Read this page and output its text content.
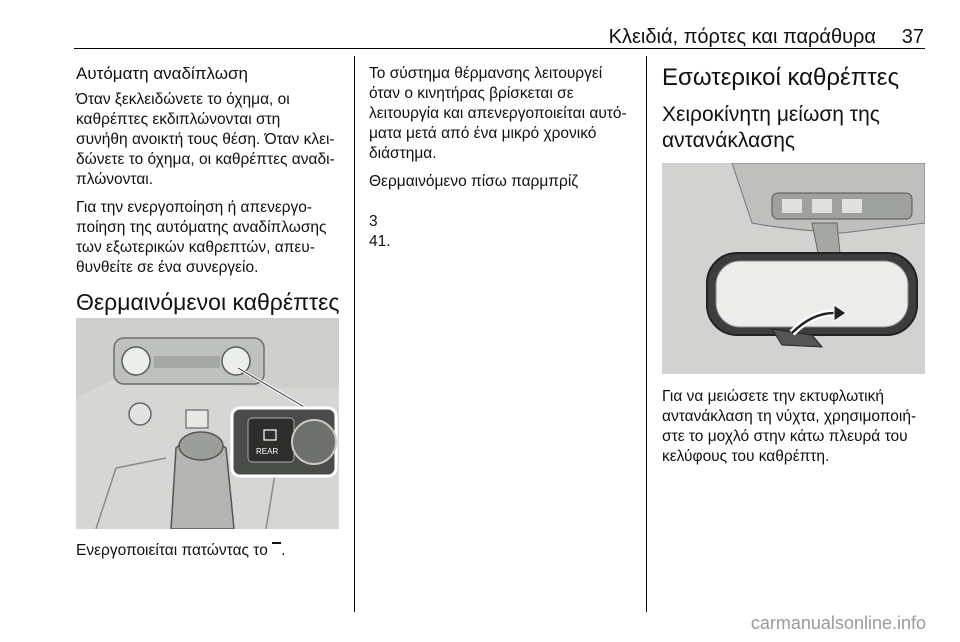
Κλειδιά, πόρτες και παράθυρα 37
Αυτόματη αναδίπλωση

Όταν ξεκλειδώνετε το όχημα, οι
καθρέπτες εκδιπλώνονται στη
συνήθη ανοικτή τους θέση. Όταν κλει-
δώνετε το όχημα, οι καθρέπτες αναδι-
πλώνονται.

Για την ενεργοποίηση ή απενεργο-
ποίηση της αυτόματης αναδίπλωσης
των εξωτερικών καθρεπτών, απευ-
θυνθείτε σε ένα συνεργείο.

Θερμαινόμενοι καθρέπτες
REAR

Ενεργοποιείται πατώντας το .

Το σύστημα θέρμανσης λειτουργεί
όταν ο κινητήρας βρίσκεται σε
λειτουργία και απενεργοποιείται αυτό-
ματα μετά από ένα μικρό χρονικό
διάστημα.

Θερμαινόμενο πίσω παρμπρίζ

3
41.

Εσωτερικοί καθρέπτες
Χειροκίνητη μείωση της
αντανάκλασης

Για να μειώσετε την εκτυφλωτική
αντανάκλαση τη νύχτα, χρησιμοποιή-
στε το μοχλό στην κάτω πλευρά του
κελύφους του καθρέπτη.

carmanualsonline.info
